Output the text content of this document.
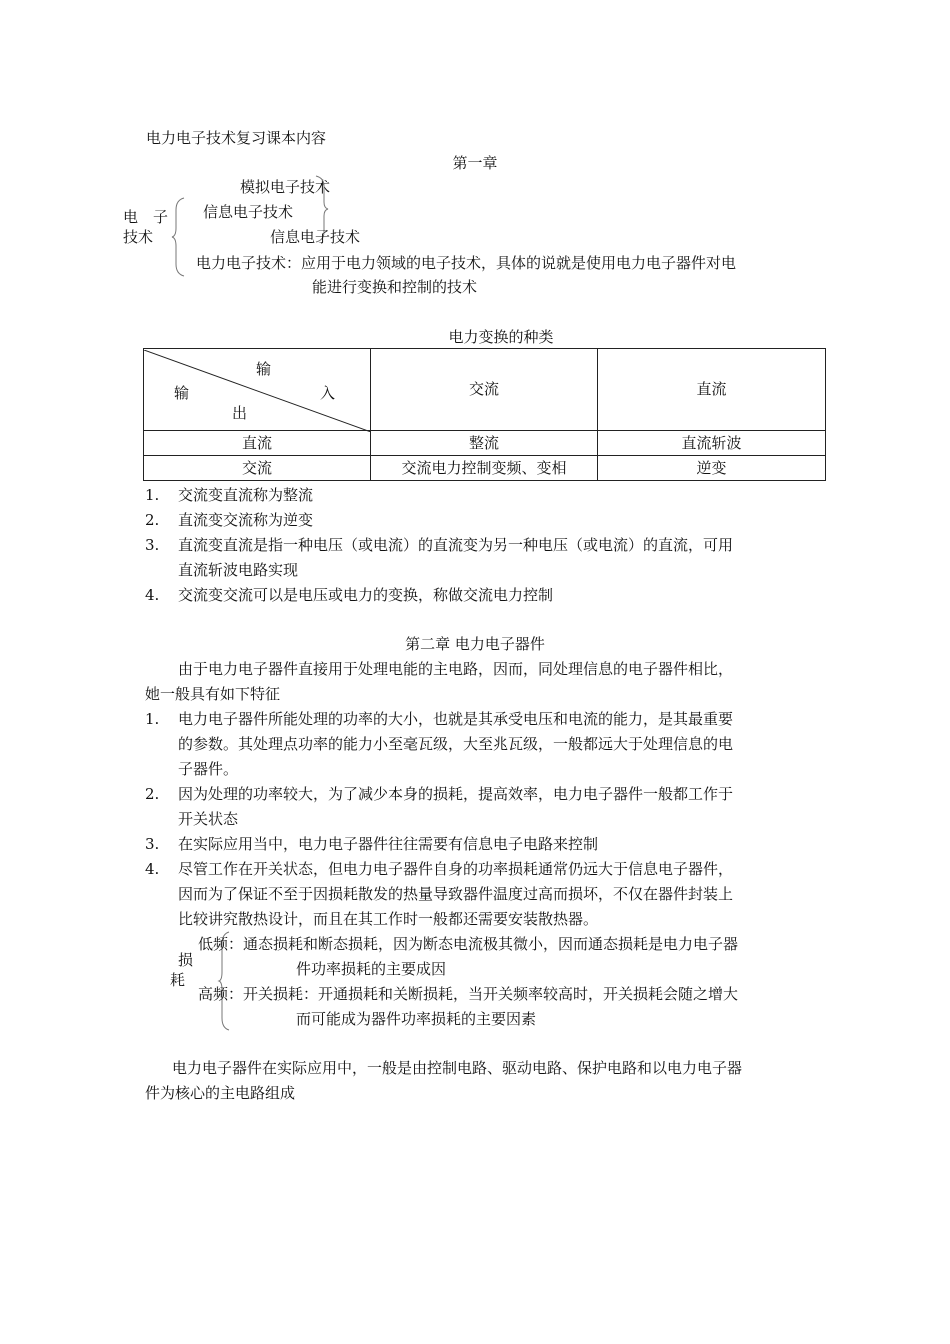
电力电子技术复习课本内容
第一章
电　子
技术
模拟电子技术
信息电子技术
信息电子技术
电力电子技术：应用于电力领域的电子技术，具体的说就是使用电力电子器件对电
能进行变换和控制的技术
电力变换的种类
输
入
输
出	交流	直流
直流	整流	直流斩波
交流	交流电力控制变频、变相	逆变
1. 交流变直流称为整流
2. 直流变交流称为逆变
3. 直流变直流是指一种电压（或电流）的直流变为另一种电压（或电流）的直流，可用
直流斩波电路实现
4. 交流变交流可以是电压或电力的变换，称做交流电力控制
第二章 电力电子器件
由于电力电子器件直接用于处理电能的主电路，因而，同处理信息的电子器件相比，
她一般具有如下特征
1. 电力电子器件所能处理的功率的大小，也就是其承受电压和电流的能力，是其最重要
的参数。其处理点功率的能力小至毫瓦级，大至兆瓦级，一般都远大于处理信息的电
子器件。
2. 因为处理的功率较大，为了减少本身的损耗，提高效率，电力电子器件一般都工作于
开关状态
3. 在实际应用当中，电力电子器件往往需要有信息电子电路来控制
4. 尽管工作在开关状态，但电力电子器件自身的功率损耗通常仍远大于信息电子器件，
因而为了保证不至于因损耗散发的热量导致器件温度过高而损坏，不仅在器件封装上
比较讲究散热设计，而且在其工作时一般都还需要安装散热器。
损
耗
低频：通态损耗和断态损耗，因为断态电流极其微小，因而通态损耗是电力电子器
件功率损耗的主要成因
高频：开关损耗：开通损耗和关断损耗，当开关频率较高时，开关损耗会随之增大
而可能成为器件功率损耗的主要因素
电力电子器件在实际应用中，一般是由控制电路、驱动电路、保护电路和以电力电子器
件为核心的主电路组成
